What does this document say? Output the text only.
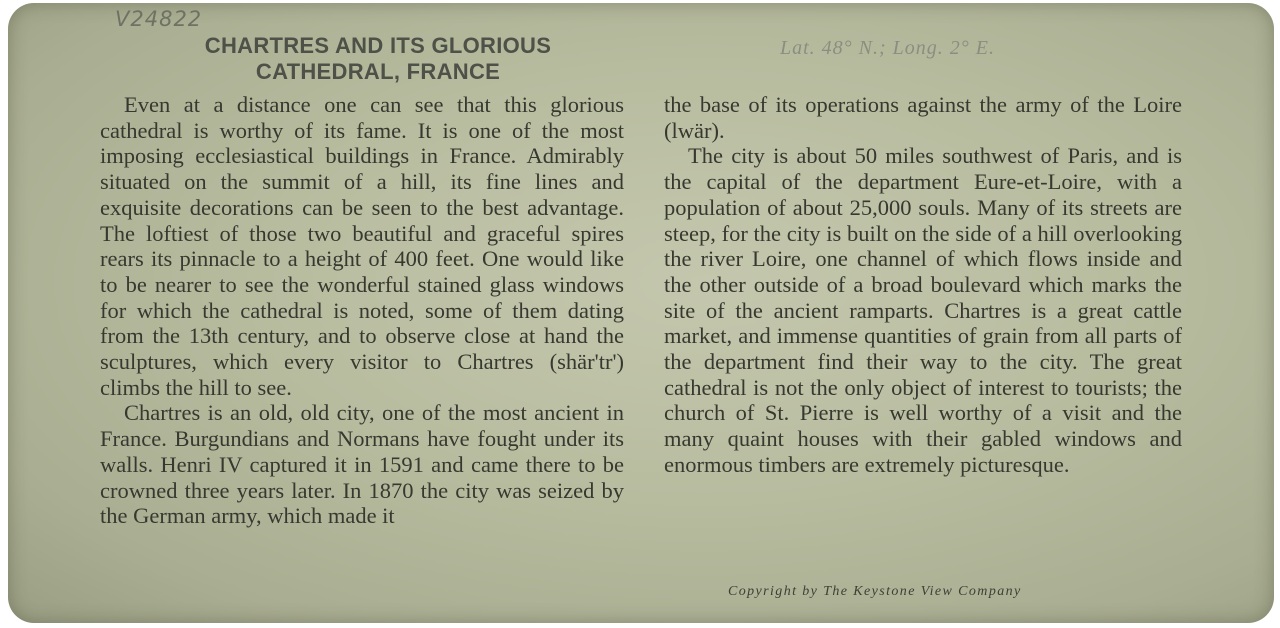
V24822
CHARTRES AND ITS GLORIOUS
CATHEDRAL, FRANCE
Lat. 48° N.; Long. 2° E.

Even at a distance one can see that this glorious cathedral is worthy of its fame. It is one of the most imposing ecclesiastical buildings in France. Admirably situated on the summit of a hill, its fine lines and exquisite decorations can be seen to the best advantage. The loftiest of those two beautiful and graceful spires rears its pinnacle to a height of 400 feet. One would like to be nearer to see the wonderful stained glass windows for which the cathedral is noted, some of them dating from the 13th century, and to observe close at hand the sculptures, which every visitor to Chartres (shär'tr') climbs the hill to see.

Chartres is an old, old city, one of the most ancient in France. Burgundians and Normans have fought under its walls. Henri IV captured it in 1591 and came there to be crowned three years later. In 1870 the city was seized by the German army, which made it

the base of its operations against the army of the Loire (lwär).

The city is about 50 miles southwest of Paris, and is the capital of the department Eure-et-Loire, with a population of about 25,000 souls. Many of its streets are steep, for the city is built on the side of a hill overlooking the river Loire, one channel of which flows inside and the other outside of a broad boulevard which marks the site of the ancient ramparts. Chartres is a great cattle market, and immense quantities of grain from all parts of the department find their way to the city. The great cathedral is not the only object of interest to tourists; the church of St. Pierre is well worthy of a visit and the many quaint houses with their gabled windows and enormous timbers are extremely picturesque.

Copyright by The Keystone View Company
